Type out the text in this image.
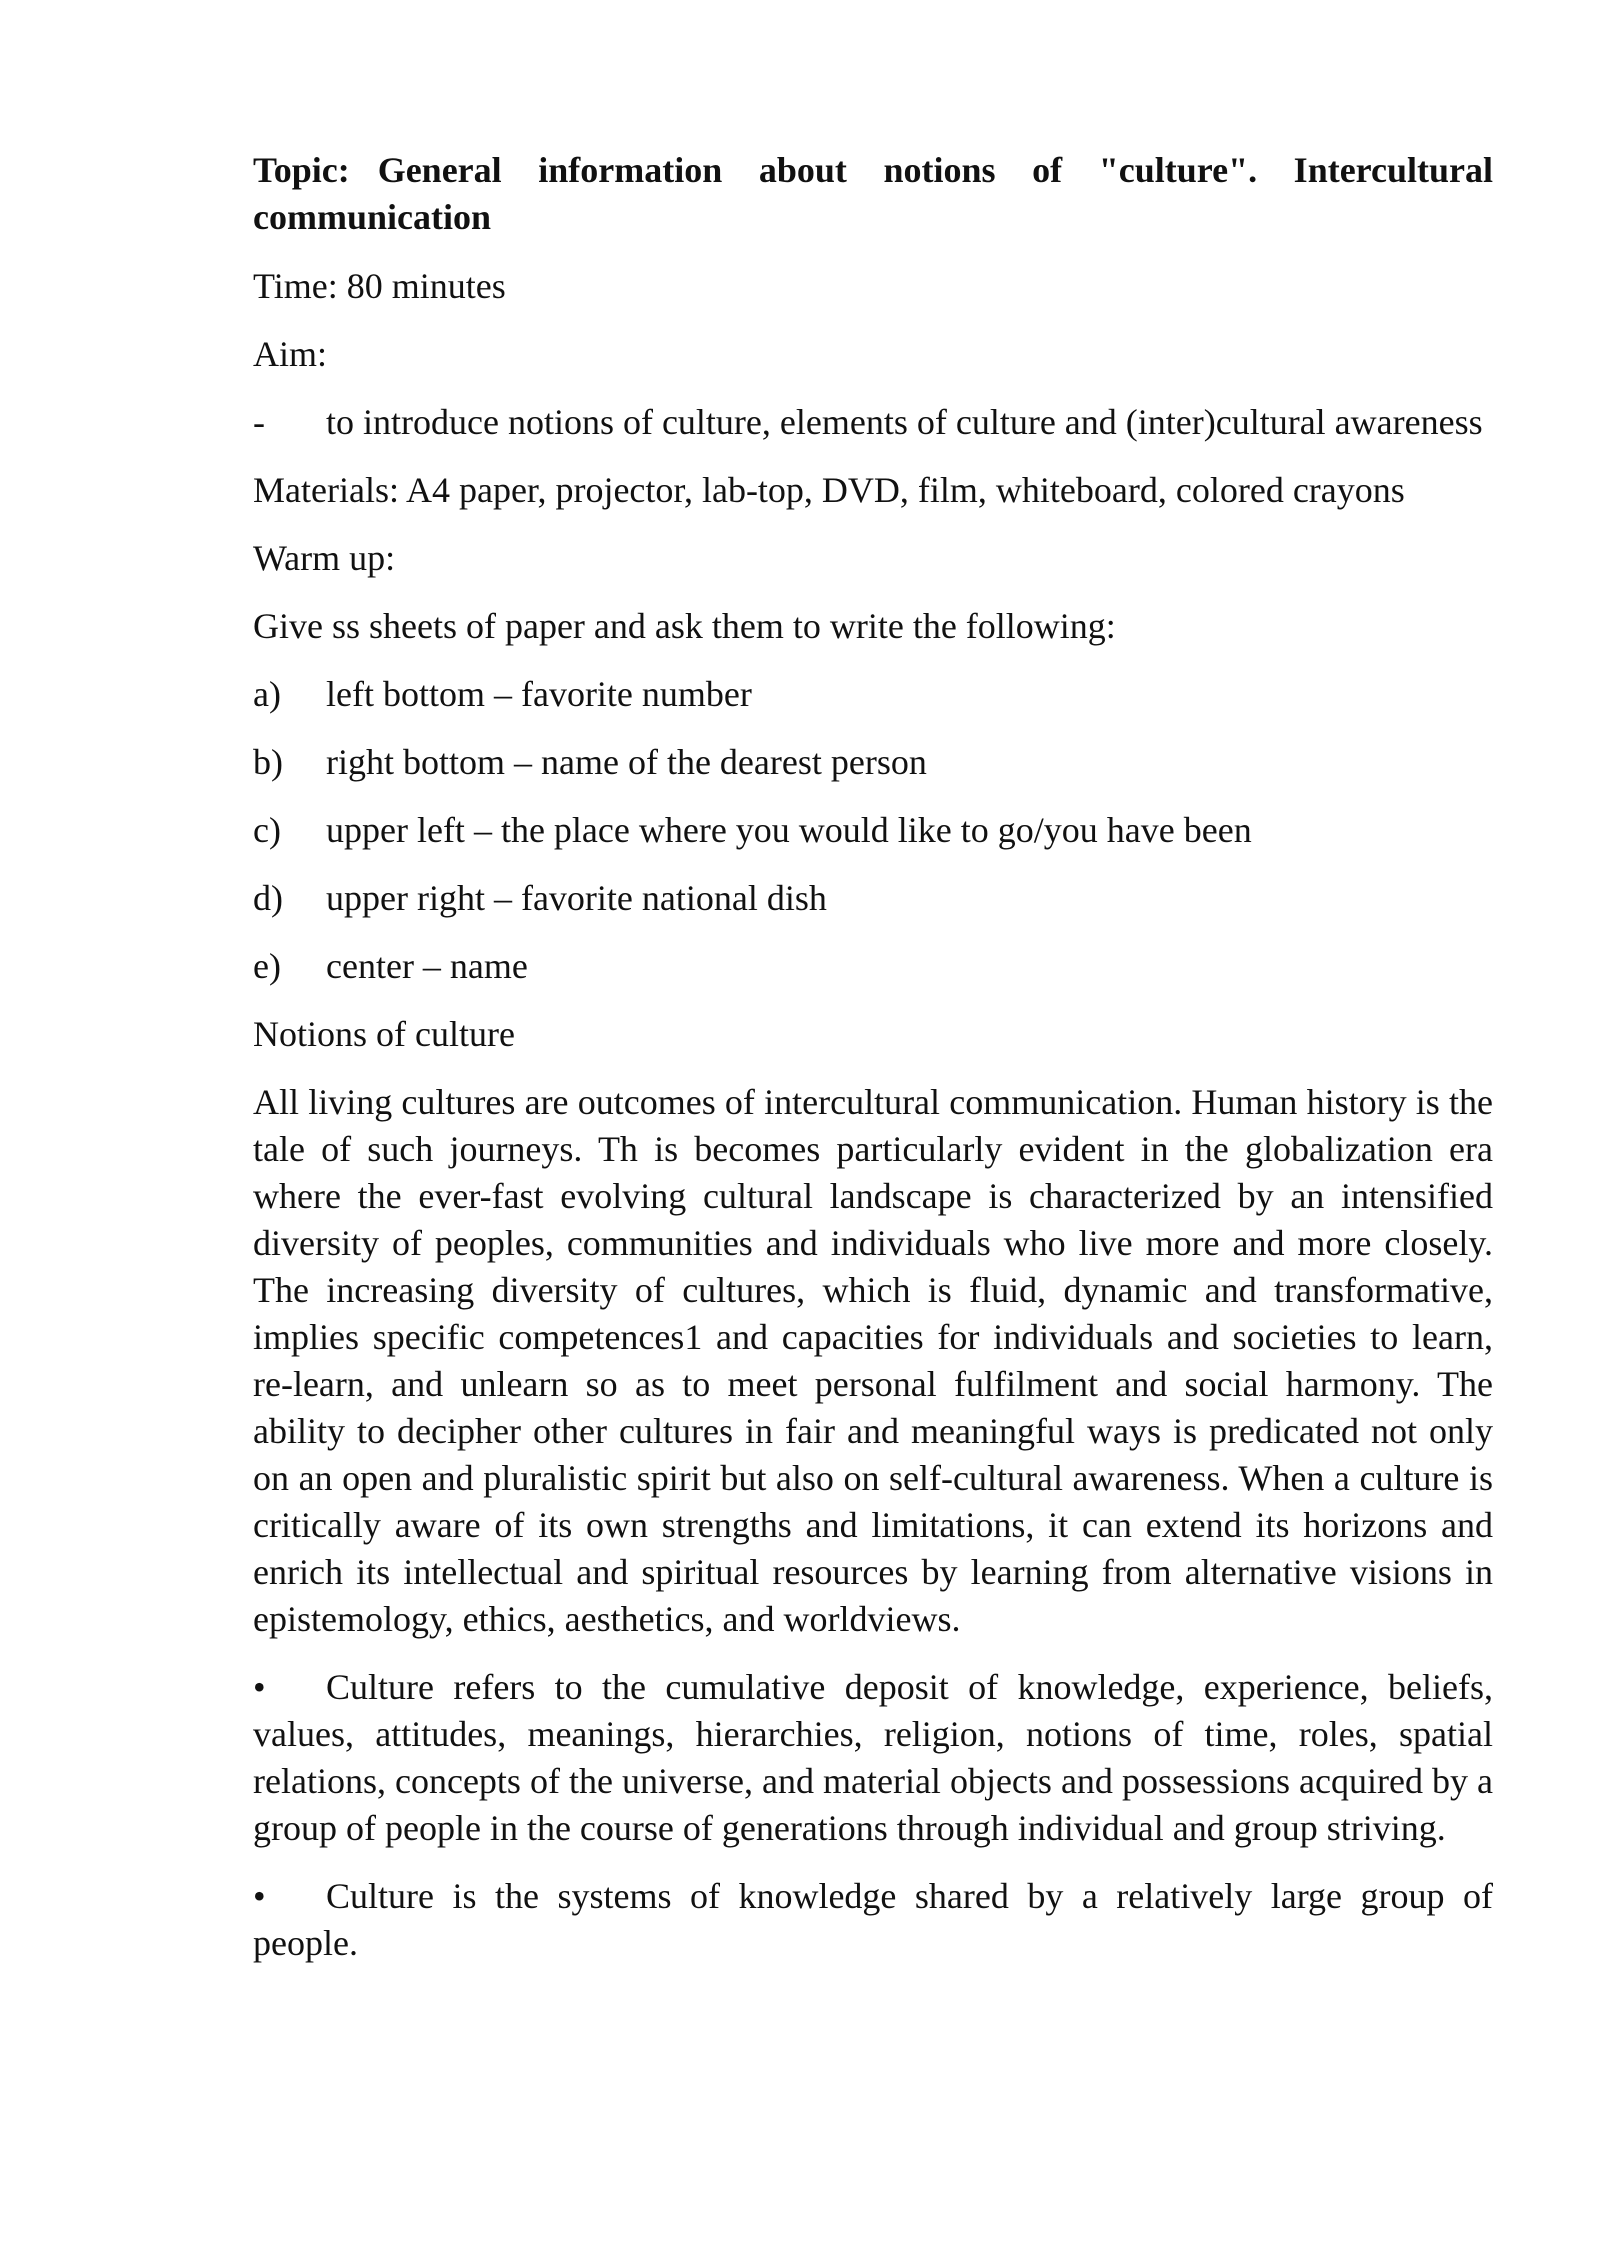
Topic: General information about notions of "culture". Intercultural communication
Time: 80 minutes
Aim:
- to introduce notions of culture, elements of culture and (inter)cultural awareness
Materials: A4 paper, projector, lab-top, DVD, film, whiteboard, colored crayons
Warm up:
Give ss sheets of paper and ask them to write the following:
a) left bottom – favorite number
b) right bottom – name of the dearest person
c) upper left – the place where you would like to go/you have been
d) upper right – favorite national dish
e) center – name
Notions of culture
All living cultures are outcomes of intercultural communication. Human history is the tale of such journeys. Th is becomes particularly evident in the globalization era where the ever-fast evolving cultural landscape is characterized by an intensified diversity of peoples, communities and individuals who live more and more closely. The increasing diversity of cultures, which is fluid, dynamic and transformative, implies specific competences1 and capacities for individuals and societies to learn, re-learn, and unlearn so as to meet personal fulfilment and social harmony. The ability to decipher other cultures in fair and meaningful ways is predicated not only on an open and pluralistic spirit but also on self-cultural awareness. When a culture is critically aware of its own strengths and limitations, it can extend its horizons and enrich its intellectual and spiritual resources by learning from alternative visions in epistemology, ethics, aesthetics, and worldviews.
• Culture refers to the cumulative deposit of knowledge, experience, beliefs, values, attitudes, meanings, hierarchies, religion, notions of time, roles, spatial relations, concepts of the universe, and material objects and possessions acquired by a group of people in the course of generations through individual and group striving.
• Culture is the systems of knowledge shared by a relatively large group of people.
